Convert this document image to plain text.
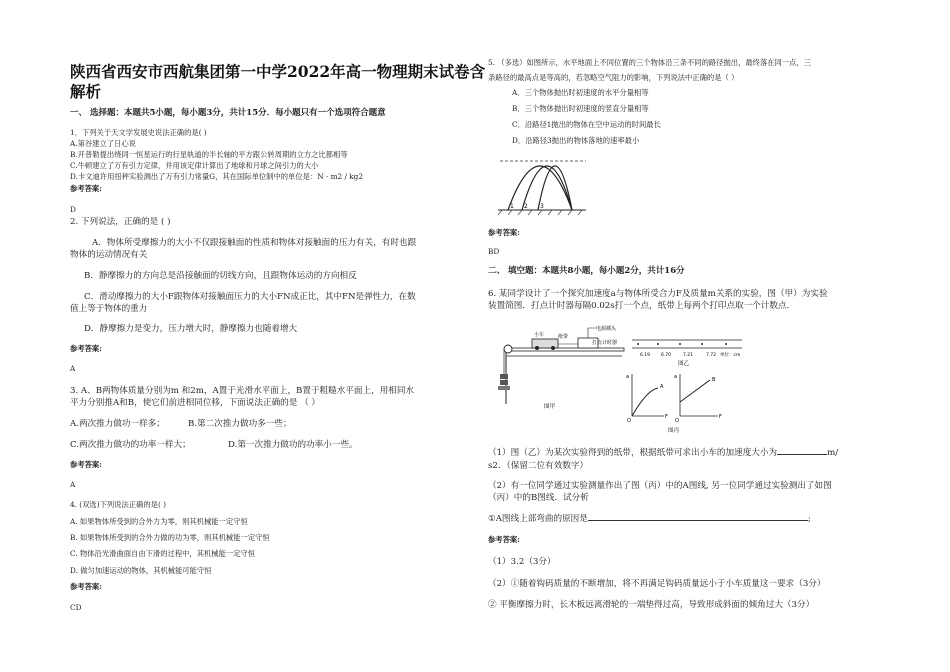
陕西省西安市西航集团第一中学2022年高一物理期末试卷含
解析
一、 选择题：本题共5小题，每小题3分，共计15分．每小题只有一个选项符合题意
1．下列关于天文学发展史说法正确的是( )
A.第谷建立了日心说
B.开普勒提出绕同一恒星运行的行星轨道的半长轴的平方跟公转周期的立方之比都相等
C.牛顿建立了万有引力定律，并用该定律计算出了地球和月球之间引力的大小
D.卡文迪许用扭秤实验测出了万有引力常量G，其在国际单位制中的单位是：N · m2 / kg2
参考答案:
D
2. 下列说法，正确的是 ( )
A．物体所受摩擦力的大小不仅跟接触面的性质和物体对接触面的压力有关，有时也跟
物体的运动情况有关
B．静摩擦力的方向总是沿接触面的切线方向，且跟物体运动的方向相反
C．滑动摩擦力的大小F跟物体对接触面压力的大小FN成正比，其中FN是弹性力，在数
值上等于物体的重力
D．静摩擦力是变力，压力增大时，静摩擦力也随着增大
参考答案:
A
3. A、B两物体质量分别为m 和2m，A置于光滑水平面上，B置于粗糙水平面上，用相同水
平力分别推A和B，使它们前进相同位移，下面说法正确的是 （ ）
A.两次推力做功一样多；	B.第二次推力做功多一些；
C.两次推力做功的功率一样大；	D.第一次推力做功的功率小一些。
参考答案:
A
4. (双选)下列说法正确的是( )
A. 如果物体所受到的合外力为零，则其机械能一定守恒
B. 如果物体所受到的合外力做的功为零，则其机械能一定守恒
C. 物体沿光滑曲面自由下滑的过程中，其机械能一定守恒
D. 做匀加速运动的物体，其机械能可能守恒
参考答案:
CD
5. （多选）如图所示，水平地面上不同位置的三个物体沿三条不同的路径抛出，最终落在同一点，三
条路径的最高点是等高的，若忽略空气阻力的影响，下列说法中正确的是（ ）
A．三个物体抛出时初速度的水平分量相等
B．三个物体抛出时初速度的竖直分量相等
C．沿路径1抛出的物体在空中运动的时间最长
D．沿路径3抛出的物体落地的速率最小
1 2 3
参考答案:
BD
二、 填空题：本题共8小题，每小题2分，共计16分
6. 某同学设计了一个探究加速度a与物体所受合力F及质量m关系的实验，图（甲）为实验
装置简图．打点计时器每隔0.02s打一个点，纸带上每两个打印点取一个计数点．
小车	纸带
打点计时器
电源插头
图甲
6.19 6.70	7.21	7.72 单位：cm
图乙
a
A
F
O
a	B
F
O
图丙
（1）图（乙）为某次实验得到的纸带，根据纸带可求出小车的加速度大小为	m/
s2．（保留二位有效数字）
（2）有一位同学通过实验测量作出了图（丙）中的A图线, 另一位同学通过实验测出了如图
（丙）中的B图线．试分析
①A图线上部弯曲的原因是	;
参考答案:
（1）3.2（3分）
（2）①随着钩码质量的不断增加，将不再满足钩码质量远小于小车质量这一要求（3分）
② 平衡摩擦力时，长木板远离滑轮的一端垫得过高，导致形成斜面的倾角过大（3分）
